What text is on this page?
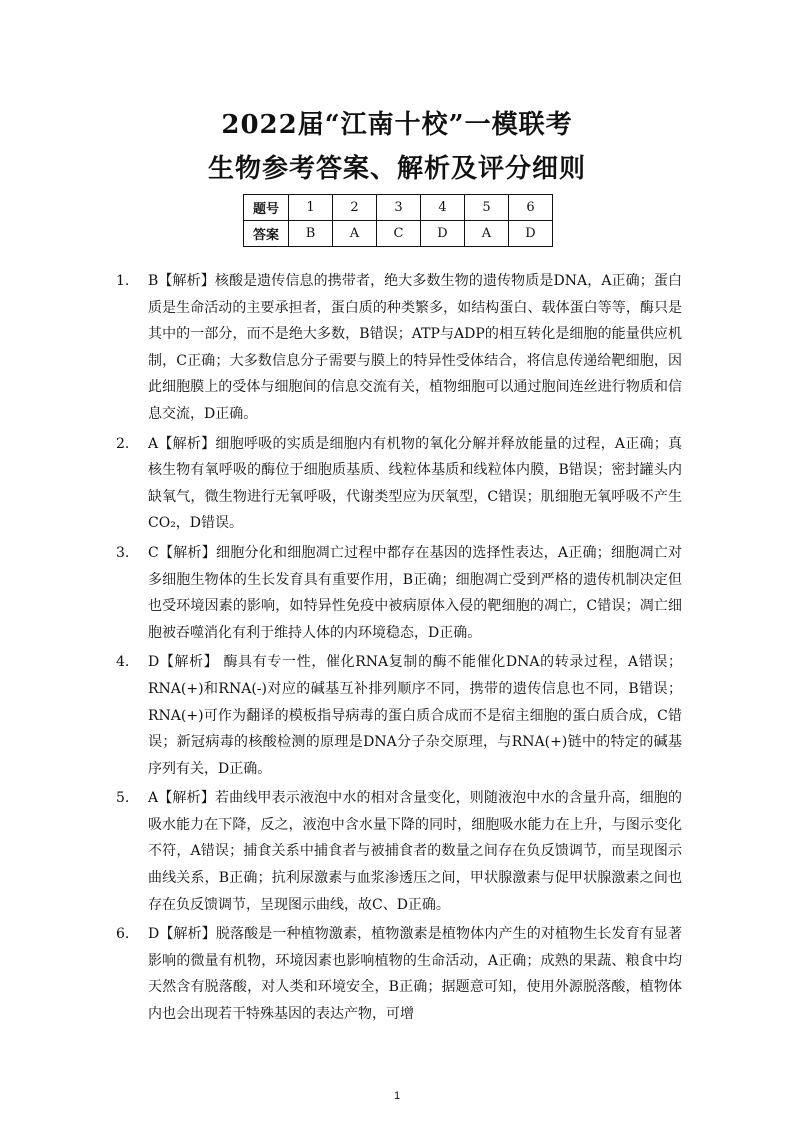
2022届“江南十校”一模联考
生物参考答案、解析及评分细则
题号	1	2	3	4	5	6
答案	B	A	C	D	A	D
1.	B【解析】核酸是遗传信息的携带者，绝大多数生物的遗传物质是DNA，A正确；蛋白质是生命活动的主要承担者，蛋白质的种类繁多，如结构蛋白、载体蛋白等等，酶只是其中的一部分，而不是绝大多数，B错误；ATP与ADP的相互转化是细胞的能量供应机制，C正确；大多数信息分子需要与膜上的特异性受体结合，将信息传递给靶细胞，因此细胞膜上的受体与细胞间的信息交流有关，植物细胞可以通过胞间连丝进行物质和信息交流，D正确。
2.	A【解析】细胞呼吸的实质是细胞内有机物的氧化分解并释放能量的过程，A正确；真核生物有氧呼吸的酶位于细胞质基质、线粒体基质和线粒体内膜，B错误；密封罐头内缺氧气，微生物进行无氧呼吸，代谢类型应为厌氧型，C错误；肌细胞无氧呼吸不产生CO₂，D错误。
3.	C【解析】细胞分化和细胞凋亡过程中都存在基因的选择性表达，A正确；细胞凋亡对多细胞生物体的生长发育具有重要作用，B正确；细胞凋亡受到严格的遗传机制决定但也受环境因素的影响，如特异性免疫中被病原体入侵的靶细胞的凋亡，C错误；凋亡细胞被吞噬消化有利于维持人体的内环境稳态，D正确。
4.	D【解析】 酶具有专一性，催化RNA复制的酶不能催化DNA的转录过程，A错误； RNA(+)和RNA(-)对应的碱基互补排列顺序不同，携带的遗传信息也不同，B错误；RNA(+)可作为翻译的模板指导病毒的蛋白质合成而不是宿主细胞的蛋白质合成，C错误；新冠病毒的核酸检测的原理是DNA分子杂交原理，与RNA(+)链中的特定的碱基序列有关，D正确。
5.	A【解析】若曲线甲表示液泡中水的相对含量变化，则随液泡中水的含量升高，细胞的吸水能力在下降，反之，液泡中含水量下降的同时，细胞吸水能力在上升，与图示变化不符，A错误；捕食关系中捕食者与被捕食者的数量之间存在负反馈调节，而呈现图示曲线关系，B正确；抗利尿激素与血浆渗透压之间，甲状腺激素与促甲状腺激素之间也存在负反馈调节，呈现图示曲线，故C、D正确。
6.	D【解析】脱落酸是一种植物激素，植物激素是植物体内产生的对植物生长发育有显著影响的微量有机物，环境因素也影响植物的生命活动，A正确；成熟的果蔬、粮食中均天然含有脱落酸，对人类和环境安全，B正确；据题意可知，使用外源脱落酸，植物体内也会出现若干特殊基因的表达产物，可增
1
